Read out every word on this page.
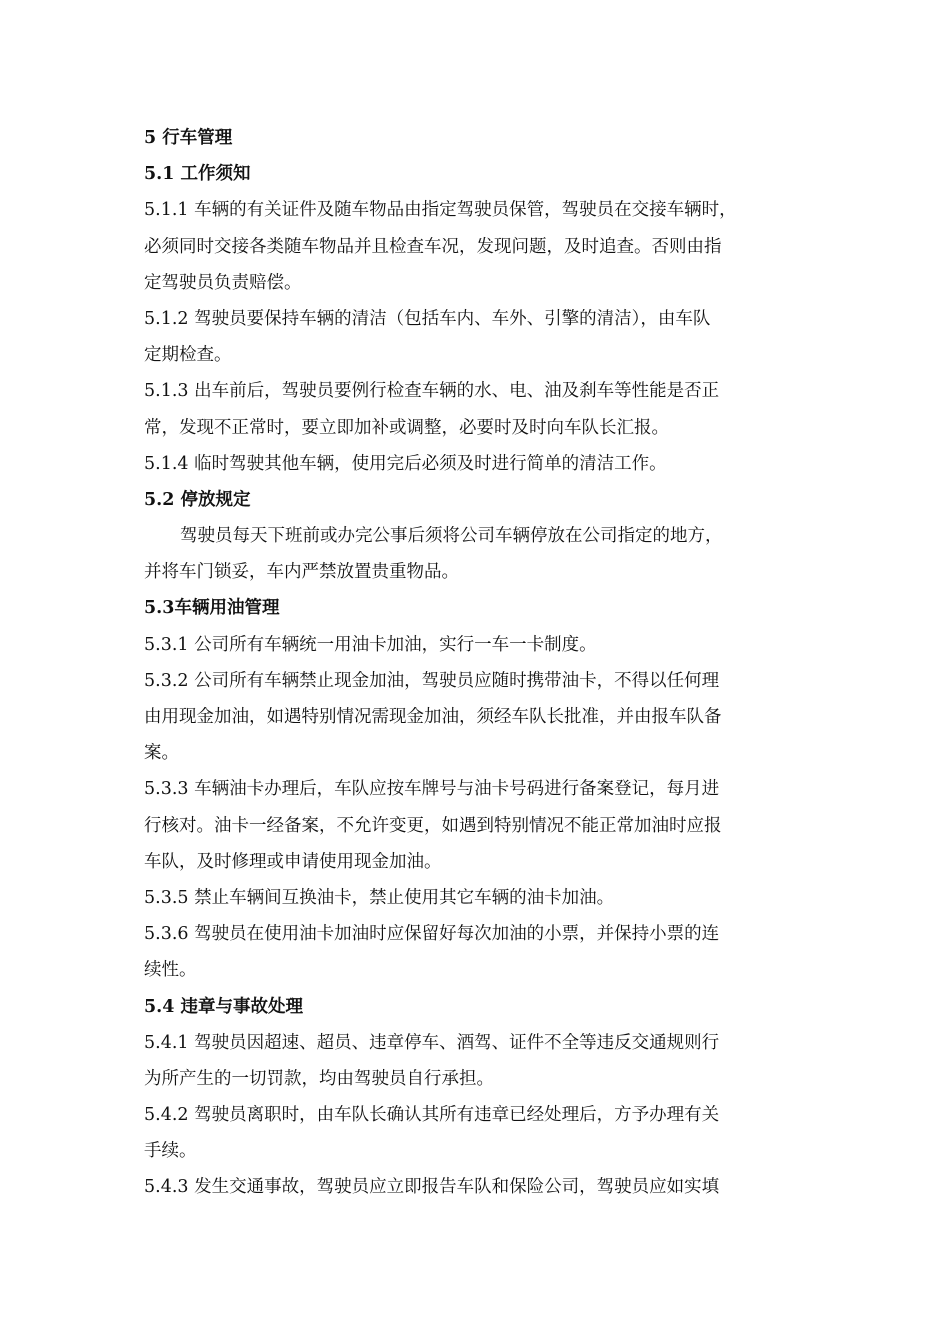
5 行车管理
5.1 工作须知
5.1.1 车辆的有关证件及随车物品由指定驾驶员保管，驾驶员在交接车辆时，
必须同时交接各类随车物品并且检查车况，发现问题，及时追查。否则由指
定驾驶员负责赔偿。
5.1.2 驾驶员要保持车辆的清洁（包括车内、车外、引擎的清洁），由车队
定期检查。
5.1.3 出车前后，驾驶员要例行检查车辆的水、电、油及刹车等性能是否正
常，发现不正常时，要立即加补或调整，必要时及时向车队长汇报。
5.1.4 临时驾驶其他车辆，使用完后必须及时进行简单的清洁工作。
5.2 停放规定
驾驶员每天下班前或办完公事后须将公司车辆停放在公司指定的地方，
并将车门锁妥，车内严禁放置贵重物品。
5.3车辆用油管理
5.3.1 公司所有车辆统一用油卡加油，实行一车一卡制度。
5.3.2 公司所有车辆禁止现金加油，驾驶员应随时携带油卡，不得以任何理
由用现金加油，如遇特别情况需现金加油，须经车队长批准，并由报车队备
案。
5.3.3 车辆油卡办理后，车队应按车牌号与油卡号码进行备案登记，每月进
行核对。油卡一经备案，不允许变更，如遇到特别情况不能正常加油时应报
车队，及时修理或申请使用现金加油。
5.3.5 禁止车辆间互换油卡，禁止使用其它车辆的油卡加油。
5.3.6 驾驶员在使用油卡加油时应保留好每次加油的小票，并保持小票的连
续性。
5.4 违章与事故处理
5.4.1 驾驶员因超速、超员、违章停车、酒驾、证件不全等违反交通规则行
为所产生的一切罚款，均由驾驶员自行承担。
5.4.2 驾驶员离职时，由车队长确认其所有违章已经处理后，方予办理有关
手续。
5.4.3 发生交通事故，驾驶员应立即报告车队和保险公司，驾驶员应如实填
